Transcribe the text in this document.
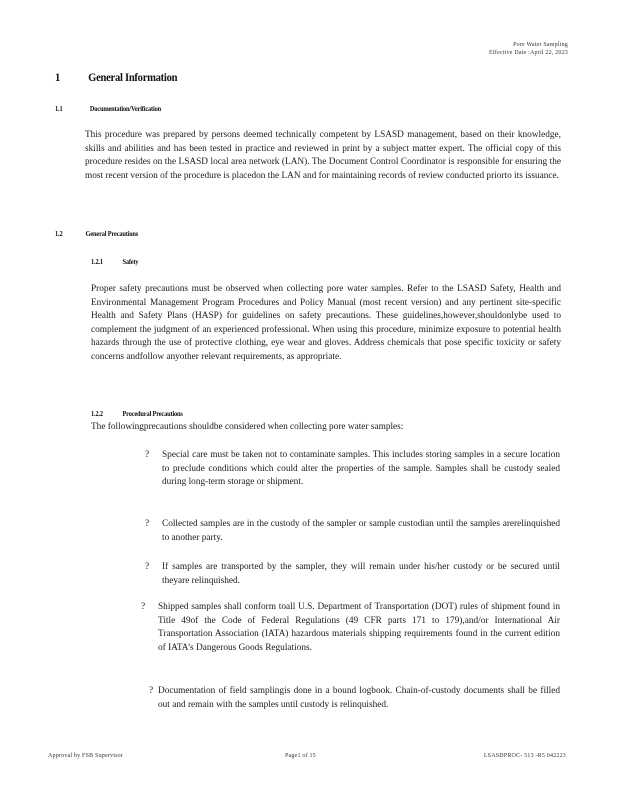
Pore Water Sampling
Effective Date :April 22, 2023
1 General Information
1.1	Documentation/Verification
This procedure was prepared by persons deemed technically competent by LSASD management, based on their knowledge, skills and abilities and has been tested in practice and reviewed in print by a subject matter expert. The official copy of this procedure resides on the LSASD local area network (LAN). The Document Control Coordinator is responsible for ensuring the most recent version of the procedure is placedon the LAN and for maintaining records of review conducted priorto its issuance.
1.2	General Precautions
1.2.1	Safety
Proper safety precautions must be observed when collecting pore water samples. Refer to the LSASD Safety, Health and Environmental Management Program Procedures and Policy Manual (most recent version) and any pertinent site-specific Health and Safety Plans (HASP) for guidelines on safety precautions. These guidelines,however,shouldonlybe used to complement the judgment of an experienced professional. When using this procedure, minimize exposure to potential health hazards through the use of protective clothing, eye wear and gloves. Address chemicals that pose specific toxicity or safety concerns andfollow anyother relevant requirements, as appropriate.
1.2.2	Procedural Precautions
The followingprecautions shouldbe considered when collecting pore water samples:
? Special care must be taken not to contaminate samples. This includes storing samples in a secure location to preclude conditions which could alter the properties of the sample. Samples shall be custody sealed during long-term storage or shipment.
? Collected samples are in the custody of the sampler or sample custodian until the samples arerelinquished to another party.
? If samples are transported by the sampler, they will remain under his/her custody or be secured until theyare relinquished.
? Shipped samples shall conform toall U.S. Department of Transportation (DOT) rules of shipment found in Title 49of the Code of Federal Regulations (49 CFR parts 171 to 179),and/or International Air Transportation Association (IATA) hazardous materials shipping requirements found in the current edition of IATA’s Dangerous Goods Regulations.
? Documentation of field samplingis done in a bound logbook. Chain-of-custody documents shall be filled out and remain with the samples until custody is relinquished.
Approval by FSB Supervisor	Page1 of 15	LSASDPROC- 513 -R5 042223
